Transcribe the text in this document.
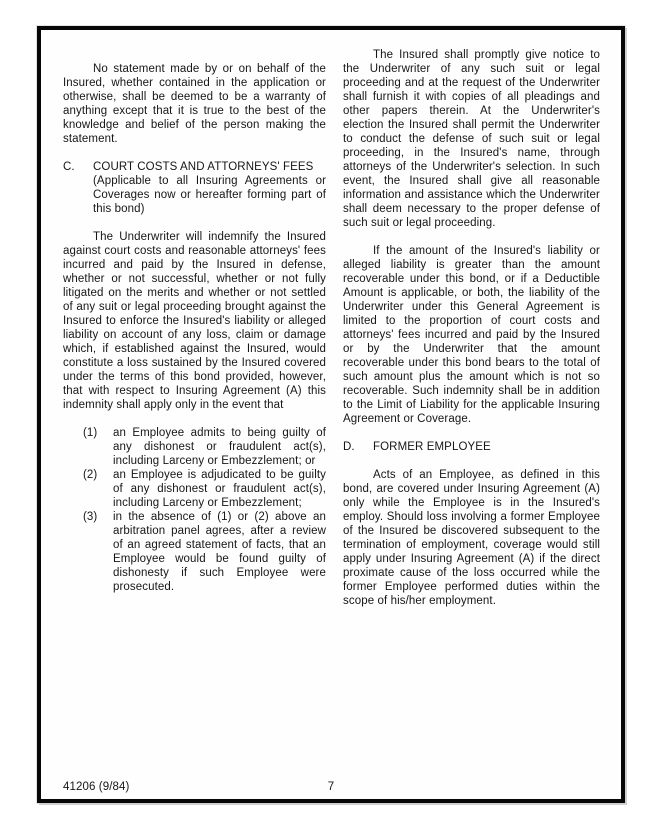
No statement made by or on behalf of the Insured, whether contained in the application or otherwise, shall be deemed to be a warranty of anything except that it is true to the best of the knowledge and belief of the person making the statement.

C.	COURT COSTS AND ATTORNEYS' FEES
(Applicable to all Insuring Agreements or Coverages now or hereafter forming part of this bond)

The Underwriter will indemnify the Insured against court costs and reasonable attorneys' fees incurred and paid by the Insured in defense, whether or not successful, whether or not fully litigated on the merits and whether or not settled of any suit or legal proceeding brought against the Insured to enforce the Insured's liability or alleged liability on account of any loss, claim or damage which, if established against the Insured, would constitute a loss sustained by the Insured covered under the terms of this bond provided, however, that with respect to Insuring Agreement (A) this indemnity shall apply only in the event that

(1)	an Employee admits to being guilty of any dishonest or fraudulent act(s), including Larceny or Embezzlement; or
(2)	an Employee is adjudicated to be guilty of any dishonest or fraudulent act(s), including Larceny or Embezzlement;
(3)	in the absence of (1) or (2) above an arbitration panel agrees, after a review of an agreed statement of facts, that an Employee would be found guilty of dishonesty if such Employee were prosecuted.

The Insured shall promptly give notice to the Underwriter of any such suit or legal proceeding and at the request of the Underwriter shall furnish it with copies of all pleadings and other papers therein. At the Underwriter's election the Insured shall permit the Underwriter to conduct the defense of such suit or legal proceeding, in the Insured's name, through attorneys of the Underwriter's selection. In such event, the Insured shall give all reasonable information and assistance which the Underwriter shall deem necessary to the proper defense of such suit or legal proceeding.

If the amount of the Insured's liability or alleged liability is greater than the amount recoverable under this bond, or if a Deductible Amount is applicable, or both, the liability of the Underwriter under this General Agreement is limited to the proportion of court costs and attorneys' fees incurred and paid by the Insured or by the Underwriter that the amount recoverable under this bond bears to the total of such amount plus the amount which is not so recoverable. Such indemnity shall be in addition to the Limit of Liability for the applicable Insuring Agreement or Coverage.

D.	FORMER EMPLOYEE

Acts of an Employee, as defined in this bond, are covered under Insuring Agreement (A) only while the Employee is in the Insured's employ. Should loss involving a former Employee of the Insured be discovered subsequent to the termination of employment, coverage would still apply under Insuring Agreement (A) if the direct proximate cause of the loss occurred while the former Employee performed duties within the scope of his/her employment.

41206 (9/84)	7
